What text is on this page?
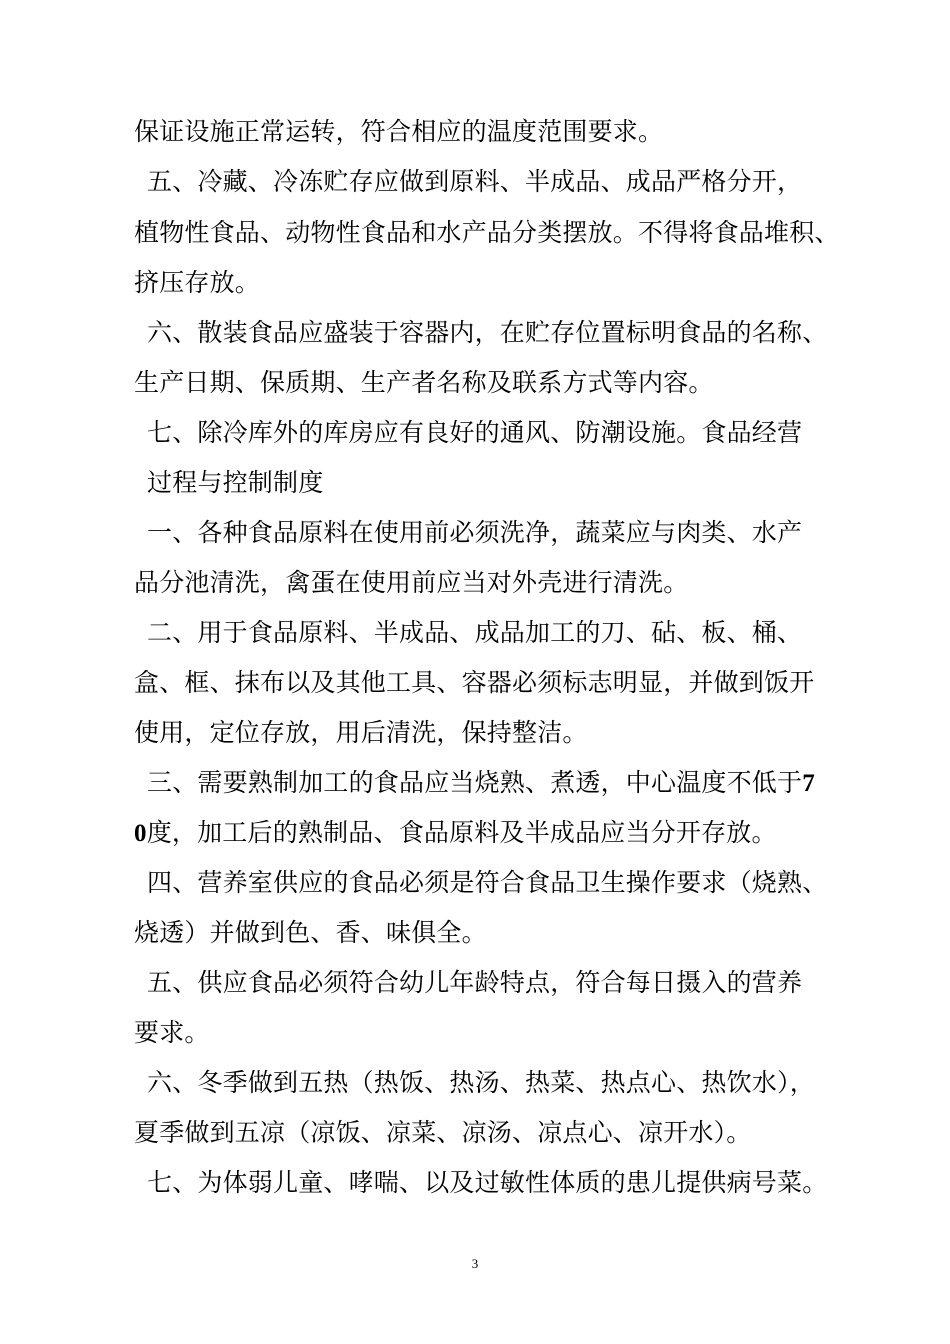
保证设施正常运转，符合相应的温度范围要求。
五、冷藏、冷冻贮存应做到原料、半成品、成品严格分开，
植物性食品、动物性食品和水产品分类摆放。不得将食品堆积、
挤压存放。
六、散装食品应盛装于容器内，在贮存位置标明食品的名称、
生产日期、保质期、生产者名称及联系方式等内容。
七、除冷库外的库房应有良好的通风、防潮设施。食品经营
过程与控制制度
一、各种食品原料在使用前必须洗净，蔬菜应与肉类、水产
品分池清洗，禽蛋在使用前应当对外壳进行清洗。
二、用于食品原料、半成品、成品加工的刀、砧、板、桶、
盒、框、抹布以及其他工具、容器必须标志明显，并做到饭开
使用，定位存放，用后清洗，保持整洁。
三、需要熟制加工的食品应当烧熟、煮透，中心温度不低于7
0度，加工后的熟制品、食品原料及半成品应当分开存放。
四、营养室供应的食品必须是符合食品卫生操作要求（烧熟、
烧透）并做到色、香、味俱全。
五、供应食品必须符合幼儿年龄特点，符合每日摄入的营养
要求。
六、冬季做到五热（热饭、热汤、热菜、热点心、热饮水），
夏季做到五凉（凉饭、凉菜、凉汤、凉点心、凉开水）。
七、为体弱儿童、哮喘、以及过敏性体质的患儿提供病号菜。
3
